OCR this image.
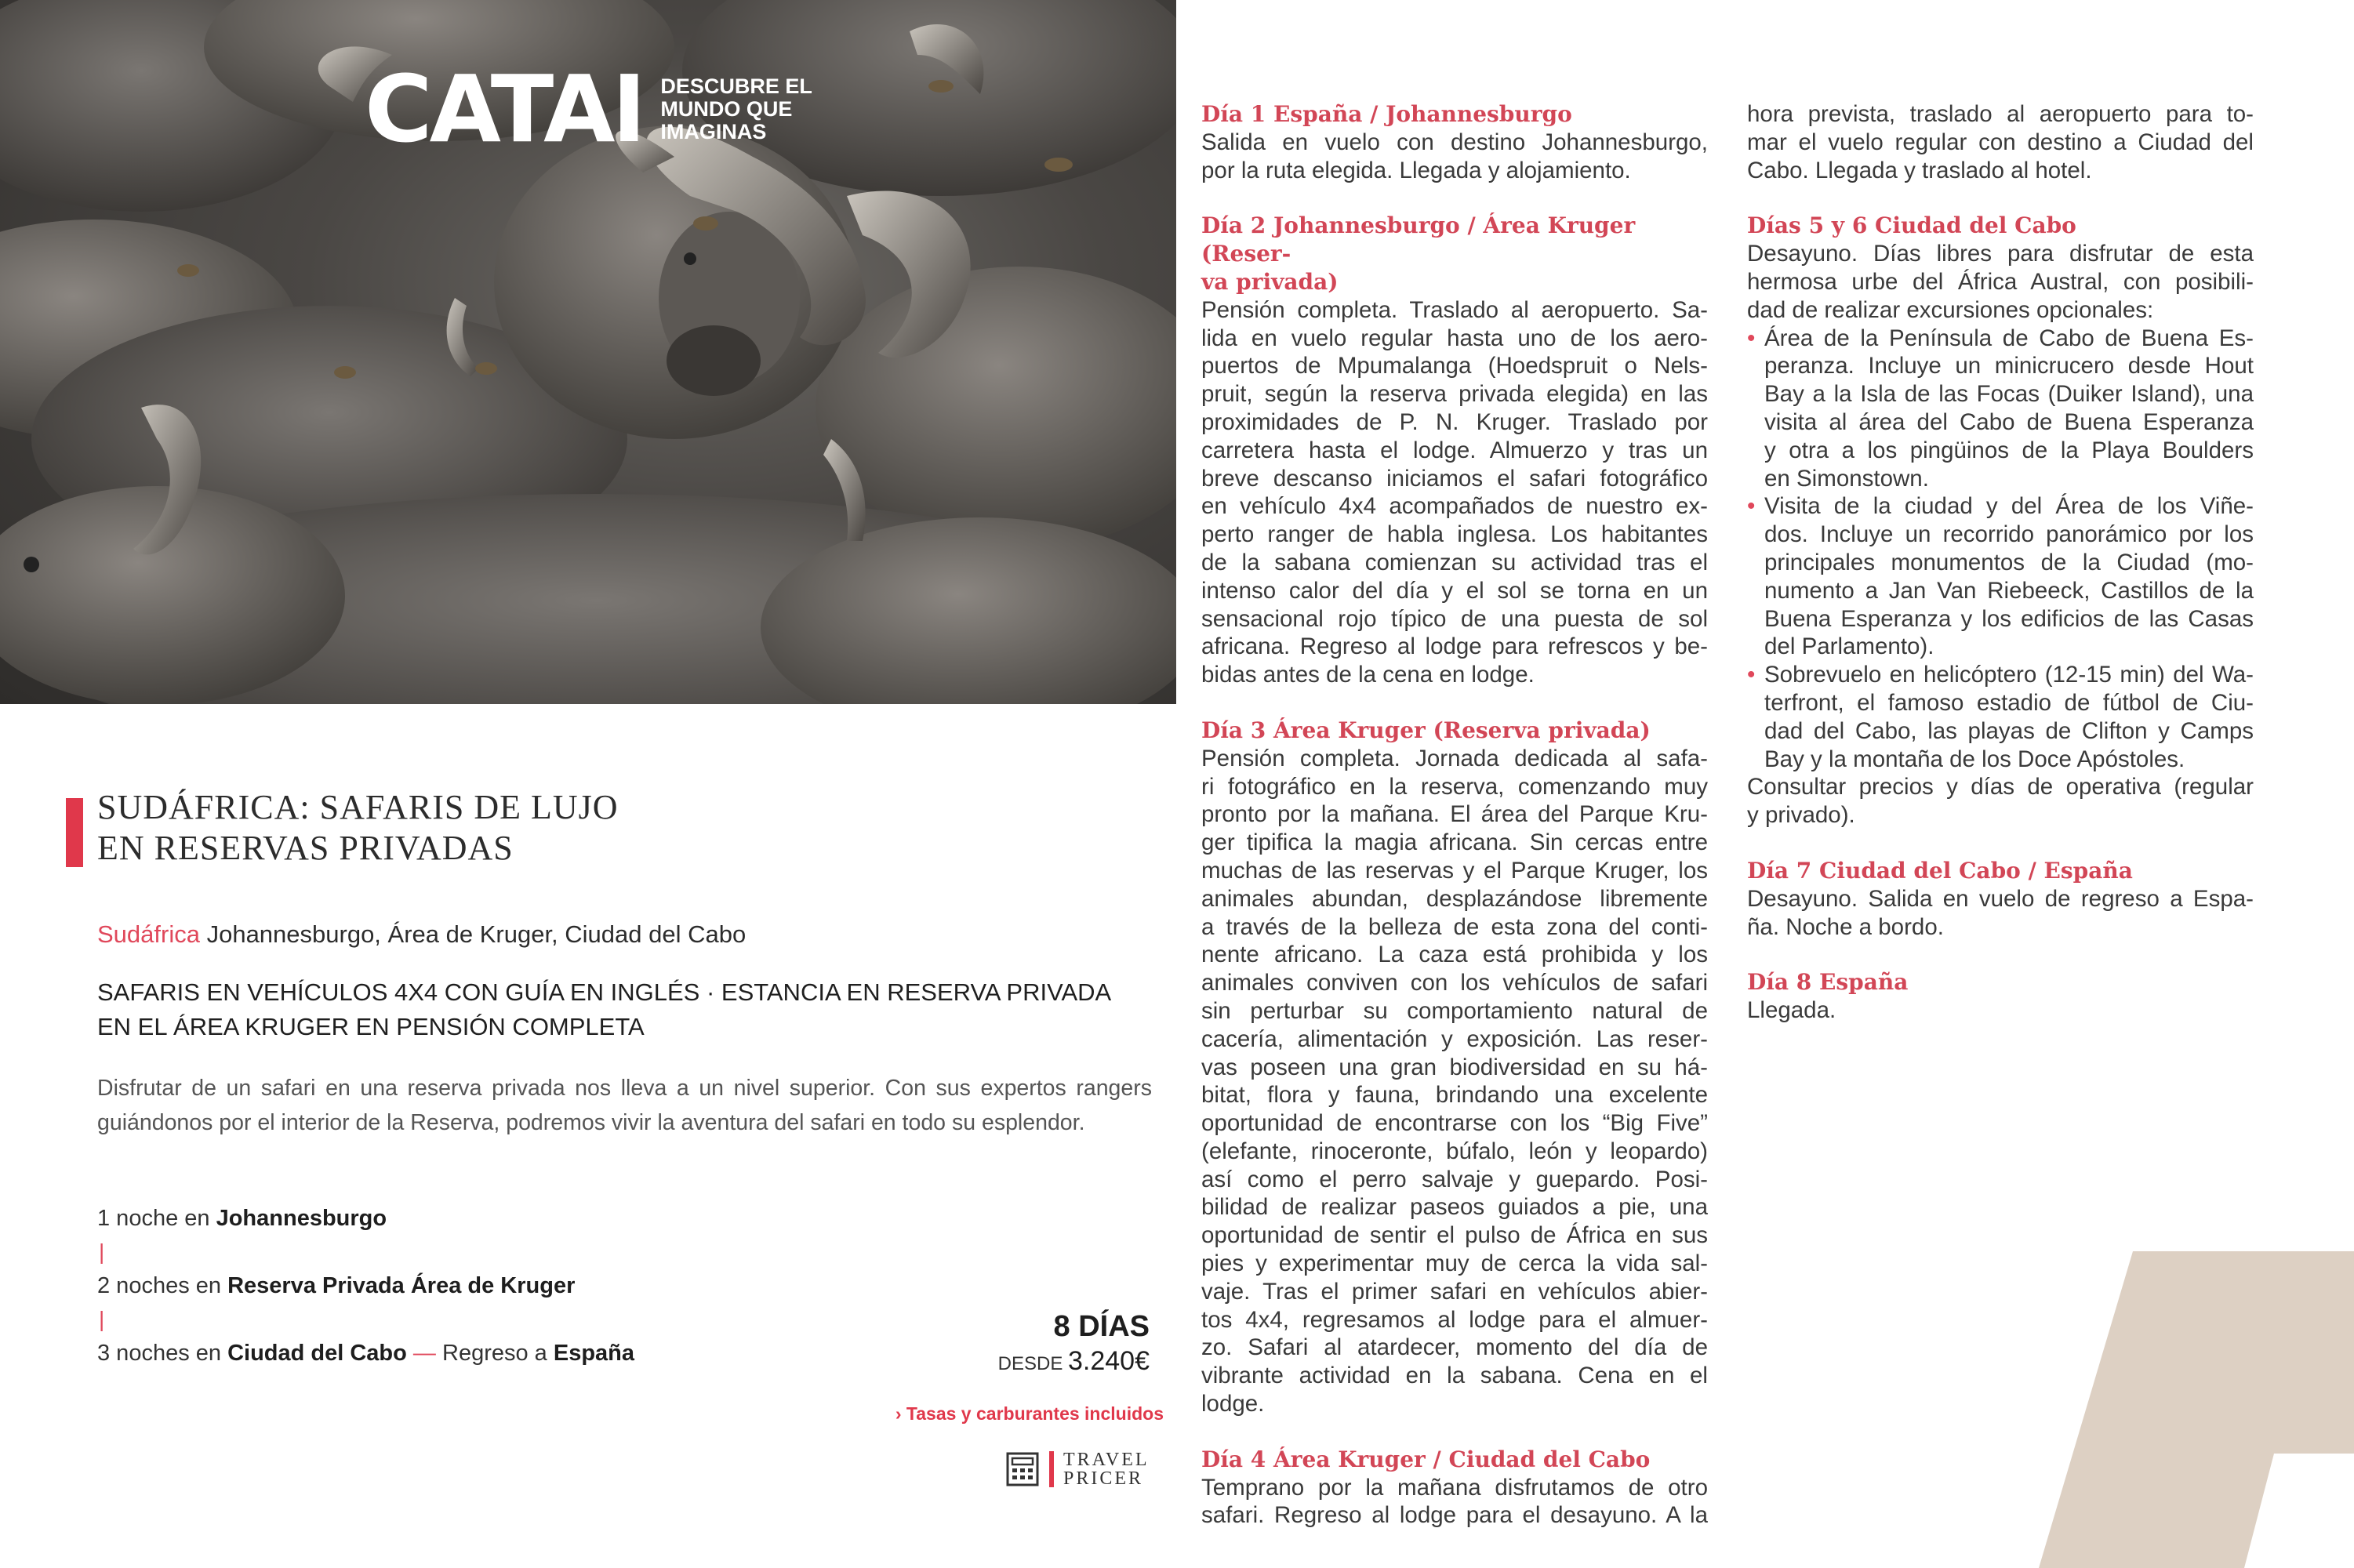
CATAI DESCUBRE EL
MUNDO QUE
IMAGINAS
SUDÁFRICA: SAFARIS DE LUJO
EN RESERVAS PRIVADAS
Sudáfrica Johannesburgo, Área de Kruger, Ciudad del Cabo
SAFARIS EN VEHÍCULOS 4X4 CON GUÍA EN INGLÉS · ESTANCIA EN RESERVA PRIVADA
EN EL ÁREA KRUGER EN PENSIÓN COMPLETA
Disfrutar de un safari en una reserva privada nos lleva a un nivel superior. Con sus expertos rangers guiándonos por el interior de la Reserva, podremos vivir la aventura del safari en todo su esplendor.
1 noche en Johannesburgo
|
2 noches en Reserva Privada Área de Kruger
|
3 noches en Ciudad del Cabo — Regreso a España
8 DÍAS
DESDE 3.240€
› Tasas y carburantes incluidos
TRAVEL
PRICER
Día 1 España / Johannesburgo
Salida en vuelo con destino Johannesburgo,
por la ruta elegida. Llegada y alojamiento.
Día 2 Johannesburgo / Área Kruger (Reser-
va privada)
Pensión completa. Traslado al aeropuerto. Sa-
lida en vuelo regular hasta uno de los aero-
puertos de Mpumalanga (Hoedspruit o Nels-
pruit, según la reserva privada elegida) en las
proximidades de P. N. Kruger. Traslado por
carretera hasta el lodge. Almuerzo y tras un
breve descanso iniciamos el safari fotográfico
en vehículo 4x4 acompañados de nuestro ex-
perto ranger de habla inglesa. Los habitantes
de la sabana comienzan su actividad tras el
intenso calor del día y el sol se torna en un
sensacional rojo típico de una puesta de sol
africana. Regreso al lodge para refrescos y be-
bidas antes de la cena en lodge.
Día 3 Área Kruger (Reserva privada)
Pensión completa. Jornada dedicada al safa-
ri fotográfico en la reserva, comenzando muy
pronto por la mañana. El área del Parque Kru-
ger tipifica la magia africana. Sin cercas entre
muchas de las reservas y el Parque Kruger, los
animales abundan, desplazándose libremente
a través de la belleza de esta zona del conti-
nente africano. La caza está prohibida y los
animales conviven con los vehículos de safari
sin perturbar su comportamiento natural de
cacería, alimentación y exposición. Las reser-
vas poseen una gran biodiversidad en su há-
bitat, flora y fauna, brindando una excelente
oportunidad de encontrarse con los “Big Five”
(elefante, rinoceronte, búfalo, león y leopardo)
así como el perro salvaje y guepardo. Posi-
bilidad de realizar paseos guiados a pie, una
oportunidad de sentir el pulso de África en sus
pies y experimentar muy de cerca la vida sal-
vaje. Tras el primer safari en vehículos abier-
tos 4x4, regresamos al lodge para el almuer-
zo. Safari al atardecer, momento del día de
vibrante actividad en la sabana. Cena en el
lodge.
Día 4 Área Kruger / Ciudad del Cabo
Temprano por la mañana disfrutamos de otro
safari. Regreso al lodge para el desayuno. A la
hora prevista, traslado al aeropuerto para to-
mar el vuelo regular con destino a Ciudad del
Cabo. Llegada y traslado al hotel.
Días 5 y 6 Ciudad del Cabo
Desayuno. Días libres para disfrutar de esta
hermosa urbe del África Austral, con posibili-
dad de realizar excursiones opcionales:
• Área de la Península de Cabo de Buena Es-
peranza. Incluye un minicrucero desde Hout
Bay a la Isla de las Focas (Duiker Island), una
visita al área del Cabo de Buena Esperanza
y otra a los pingüinos de la Playa Boulders
en Simonstown.
• Visita de la ciudad y del Área de los Viñe-
dos. Incluye un recorrido panorámico por los
principales monumentos de la Ciudad (mo-
numento a Jan Van Riebeeck, Castillos de la
Buena Esperanza y los edificios de las Casas
del Parlamento).
• Sobrevuelo en helicóptero (12-15 min) del Wa-
terfront, el famoso estadio de fútbol de Ciu-
dad del Cabo, las playas de Clifton y Camps
Bay y la montaña de los Doce Apóstoles.
Consultar precios y días de operativa (regular
y privado).
Día 7 Ciudad del Cabo / España
Desayuno. Salida en vuelo de regreso a Espa-
ña. Noche a bordo.
Día 8 España
Llegada.
